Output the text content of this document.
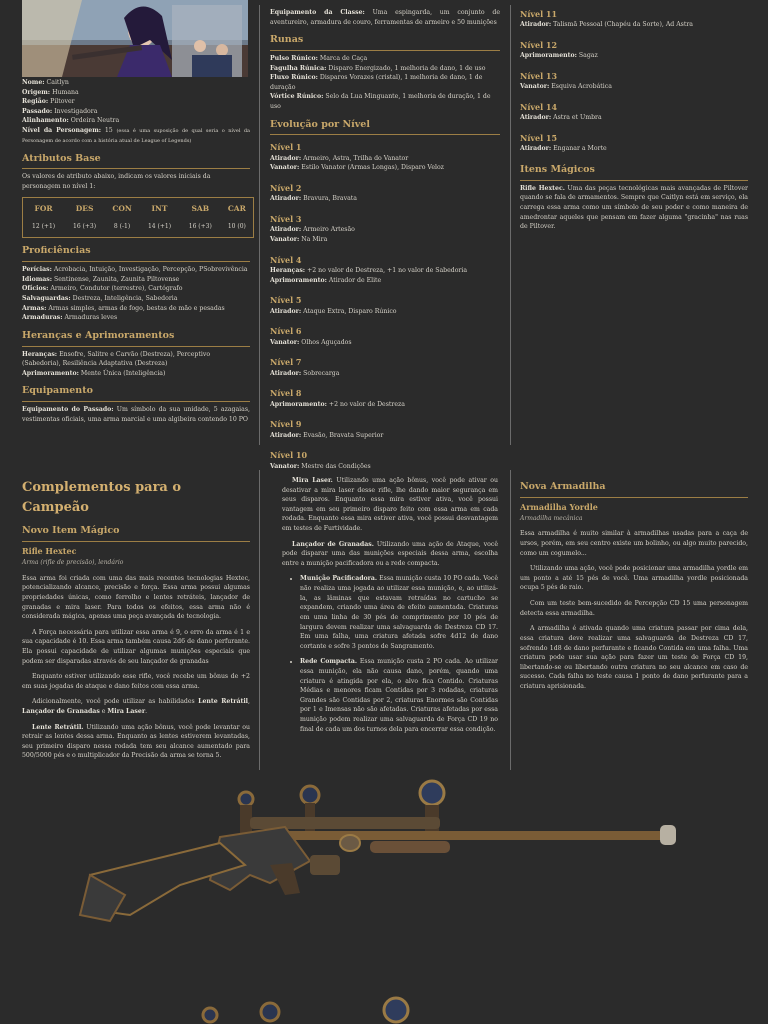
Nome: Caitlyn
Origem: Humana
Região: Piltover
Passado: Investigadora
Alinhamento: Ordeira Neutra
Nível da Personagem: 15 (essa é uma suposição de qual seria o nível da Personagem de acordo com a história atual de League of Legends)
Atributos Base

Os valores de atributo abaixo, indicam os valores iniciais da personagem no nível 1:

FOR	DES	CON	INT	SAB	CAR
12 (+1)	16 (+3)	8 (-1)	14 (+1)	16 (+3)	10 (0)
Proficiências
Perícias: Acrobacia, Intuição, Investigação, Percepção, PSobrevivência
Idiomas: Sentinense, Zaunita, Zaunita Piltovense
Ofícios: Armeiro, Condutor (terrestre), Cartógrafo
Salvaguardas: Destreza, Inteligência, Sabedoria
Armas: Armas simples, armas de fogo, bestas de mão e pesadas
Armaduras: Armaduras leves
Heranças e Aprimoramentos
Heranças: Ensofre, Salitre e Carvão (Destreza), Perceptivo (Sabedoria), Resiliência Adaptativa (Destreza)
Aprimoramento: Mente Única (Inteligência)
Equipamento
Equipamento do Passado: Um símbolo da sua unidade, 5 azagaias, vestimentas oficiais, uma arma marcial e uma algibeira contendo 10 PO
Equipamento da Classe: Uma espingarda, um conjunto de aventureiro, armadura de couro, ferramentas de armeiro e 50 munições
Runas
Pulso Rúnico: Marca de Caça
Fagulha Rúnica: Disparo Energizado, 1 melhoria de dano, 1 de uso
Fluxo Rúnico: Disparos Vorazes (cristal), 1 melhoria de dano, 1 de duração
Vórtice Rúnico: Selo da Lua Minguante, 1 melhoria de duração, 1 de uso
Evolução por Nível
Nível 1
Atirador: Armeiro, Astra, Trilha do Vanator
Vanator: Estilo Vanator (Armas Longas), Disparo Veloz
Nível 2
Atirador: Bravura, Bravata
Nível 3
Atirador: Armeiro Artesão
Vanator: Na Mira
Nível 4
Heranças: +2 no valor de Destreza, +1 no valor de Sabedoria
Aprimoramento: Atirador de Elite
Nível 5
Atirador: Ataque Extra, Disparo Rúnico
Nível 6
Vanator: Olhos Aguçados
Nível 7
Atirador: Sobrecarga
Nível 8
Aprimoramento: +2 no valor de Destreza
Nível 9
Atirador: Evasão, Bravata Superior
Nível 10
Vanator: Mestre das Condições
Nível 11
Atirador: Talismã Pessoal (Chapéu da Sorte), Ad Astra
Nível 12
Aprimoramento: Sagaz
Nível 13
Vanator: Esquiva Acrobática
Nível 14
Atirador: Astra et Umbra
Nível 15
Atirador: Enganar a Morte
Itens Mágicos

Rifle Hextec. Uma das peças tecnológicas mais avançadas de Piltover quando se fala de armamentos. Sempre que Caitlyn está em serviço, ela carrega essa arma como um símbolo de seu poder e como maneira de amedrontar aqueles que pensam em fazer alguma "gracinha" nas ruas de Piltover.

Complementos para o Campeão
Novo Item Mágico
Rifle Hextec
Arma (rifle de precisão), lendário

Essa arma foi criada com uma das mais recentes tecnologias Hextec, potencializando alcance, precisão e força. Essa arma possui algumas propriedades únicas, como ferrolho e lentes retráteis, lançador de granadas e mira laser. Para todos os efeitos, essa arma não é considerada mágica, apenas uma peça avançada de tecnologia.

A Força necessária para utilizar essa arma é 9, o erro da arma é 1 e sua capacidade é 10. Essa arma também causa 2d6 de dano perfurante. Ela possui capacidade de utilizar algumas munições especiais que podem ser disparadas através de seu lançador de granadas

Enquanto estiver utilizando esse rifle, você recebe um bônus de +2 em suas jogadas de ataque e dano feitos com essa arma.

Adicionalmente, você pode utilizar as habilidades Lente Retrátil, Lançador de Granadas e Mira Laser.

Lente Retrátil. Utilizando uma ação bônus, você pode levantar ou retrair as lentes dessa arma. Enquanto as lentes estiverem levantadas, seu primeiro disparo nessa rodada tem seu alcance aumentado para 500/5000 pés e o multiplicador da Precisão da arma se torna 5.

Mira Laser. Utilizando uma ação bônus, você pode ativar ou desativar a mira laser desse rifle, lhe dando maior segurança em seus disparos. Enquanto essa mira estiver ativa, você possui vantagem em seu primeiro disparo feito com essa arma em cada rodada. Enquanto essa mira estiver ativa, você possui desvantagem em testes de Furtividade.

Lançador de Granadas. Utilizando uma ação de Ataque, você pode disparar uma das munições especiais dessa arma, escolha entre a munição pacificadora ou a rede compacta.

• Munição Pacificadora. Essa munição custa 10 PO cada. Você não realiza uma jogada ao utilizar essa munição, e, ao utilizá-la, as lâminas que estavam retraídas no cartucho se expandem, criando uma área de efeito aumentada. Criaturas em uma linha de 30 pés de comprimento por 10 pés de largura devem realizar uma salvaguarda de Destreza CD 17. Em uma falha, uma criatura afetada sofre 4d12 de dano cortante e sofre 3 pontos de Sangramento.
• Rede Compacta. Essa munição custa 2 PO cada. Ao utilizar essa munição, ela não causa dano, porém, quando uma criatura é atingida por ela, o alvo fica Contido. Criaturas Médias e menores ficam Contidas por 3 rodadas, criaturas Grandes são Contidas por 2, criaturas Enormes são Contidas por 1 e Imensas não são afetadas. Criaturas afetadas por essa munição podem realizar uma salvaguarda de Força CD 19 no final de cada um dos turnos dela para encerrar essa condição.
Nova Armadilha
Armadilha Yordle
Armadilha mecânica

Essa armadilha é muito similar à armadilhas usadas para a caça de ursos, porém, em seu centro existe um bolinho, ou algo muito parecido, como um cogumelo...

Utilizando uma ação, você pode posicionar uma armadilha yordle em um ponto a até 15 pés de você. Uma armadilha yordle posicionada ocupa 5 pés de raio.

Com um teste bem-sucedido de Percepção CD 15 uma personagem detecta essa armadilha.

A armadilha é ativada quando uma criatura passar por cima dela, essa criatura deve realizar uma salvaguarda de Destreza CD 17, sofrendo 1d8 de dano perfurante e ficando Contida em uma falha. Uma criatura pode usar sua ação para fazer um teste de Força CD 19, libertando-se ou libertando outra criatura no seu alcance em caso de sucesso. Cada falha no teste causa 1 ponto de dano perfurante para a criatura aprisionada.
